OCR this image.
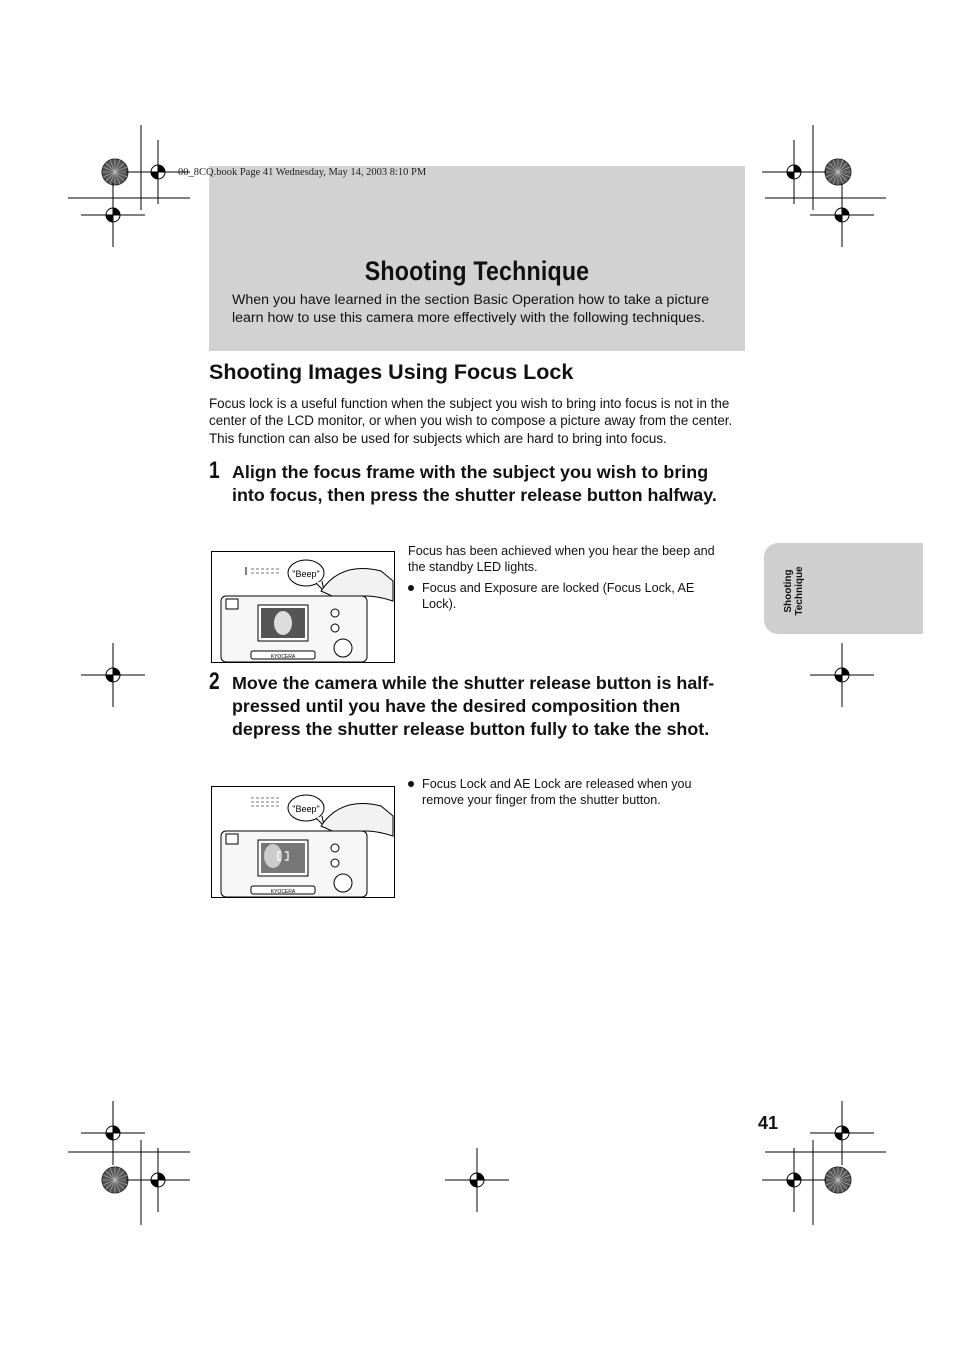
00_8CQ.book Page 41 Wednesday, May 14, 2003 8:10 PM
Shooting Technique
When you have learned in the section Basic Operation how to take a picture learn how to use this camera more effectively with the following techniques.
Shooting Images Using Focus Lock
Focus lock is a useful function when the subject you wish to bring into focus is not in the center of the LCD monitor, or when you wish to compose a picture away from the center. This function can also be used for subjects which are hard to bring into focus.
1 Align the focus frame with the subject you wish to bring into focus, then press the shutter release button halfway.
"Beep"
KYOCERA
Focus has been achieved when you hear the beep and the standby LED lights.
Focus and Exposure are locked (Focus Lock, AE Lock).
2 Move the camera while the shutter release button is half-pressed until you have the desired composition then depress the shutter release button fully to take the shot.
"Beep"
KYOCERA
Focus Lock and AE Lock are released when you remove your finger from the shutter button.
Shooting
Technique
41
